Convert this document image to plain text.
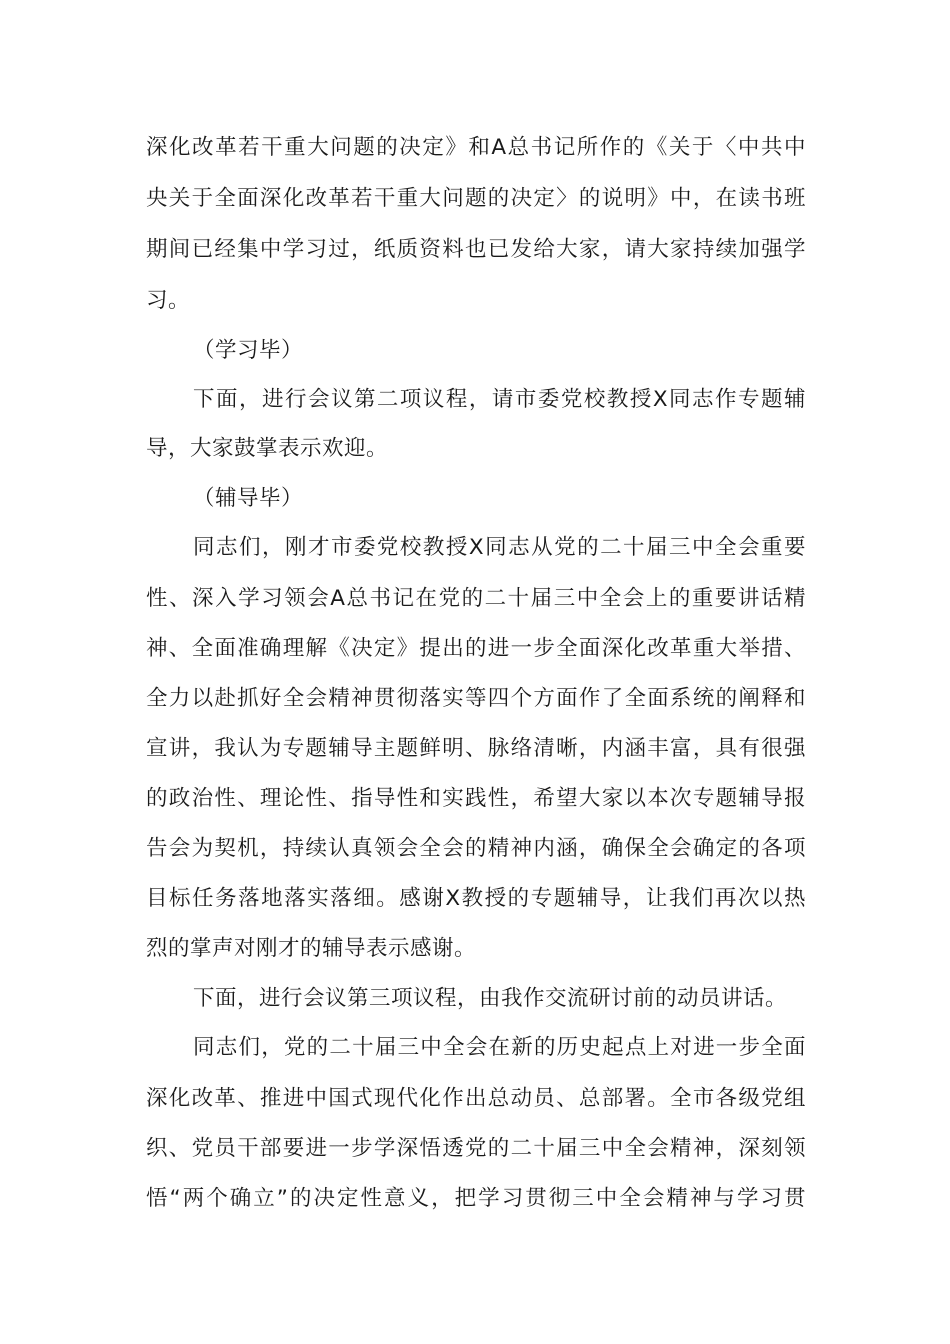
深化改革若干重大问题的决定》和A总书记所作的《关于〈中共中
央关于全面深化改革若干重大问题的决定〉的说明》中，在读书班
期间已经集中学习过，纸质资料也已发给大家，请大家持续加强学
习。
（学习毕）
下面，进行会议第二项议程，请市委党校教授X同志作专题辅
导，大家鼓掌表示欢迎。
（辅导毕）
同志们，刚才市委党校教授X同志从党的二十届三中全会重要
性、深入学习领会A总书记在党的二十届三中全会上的重要讲话精
神、全面准确理解《决定》提出的进一步全面深化改革重大举措、
全力以赴抓好全会精神贯彻落实等四个方面作了全面系统的阐释和
宣讲，我认为专题辅导主题鲜明、脉络清晰，内涵丰富，具有很强
的政治性、理论性、指导性和实践性，希望大家以本次专题辅导报
告会为契机，持续认真领会全会的精神内涵，确保全会确定的各项
目标任务落地落实落细。感谢X教授的专题辅导，让我们再次以热
烈的掌声对刚才的辅导表示感谢。
下面，进行会议第三项议程，由我作交流研讨前的动员讲话。
同志们，党的二十届三中全会在新的历史起点上对进一步全面
深化改革、推进中国式现代化作出总动员、总部署。全市各级党组
织、党员干部要进一步学深悟透党的二十届三中全会精神，深刻领
悟“两个确立”的决定性意义，把学习贯彻三中全会精神与学习贯
